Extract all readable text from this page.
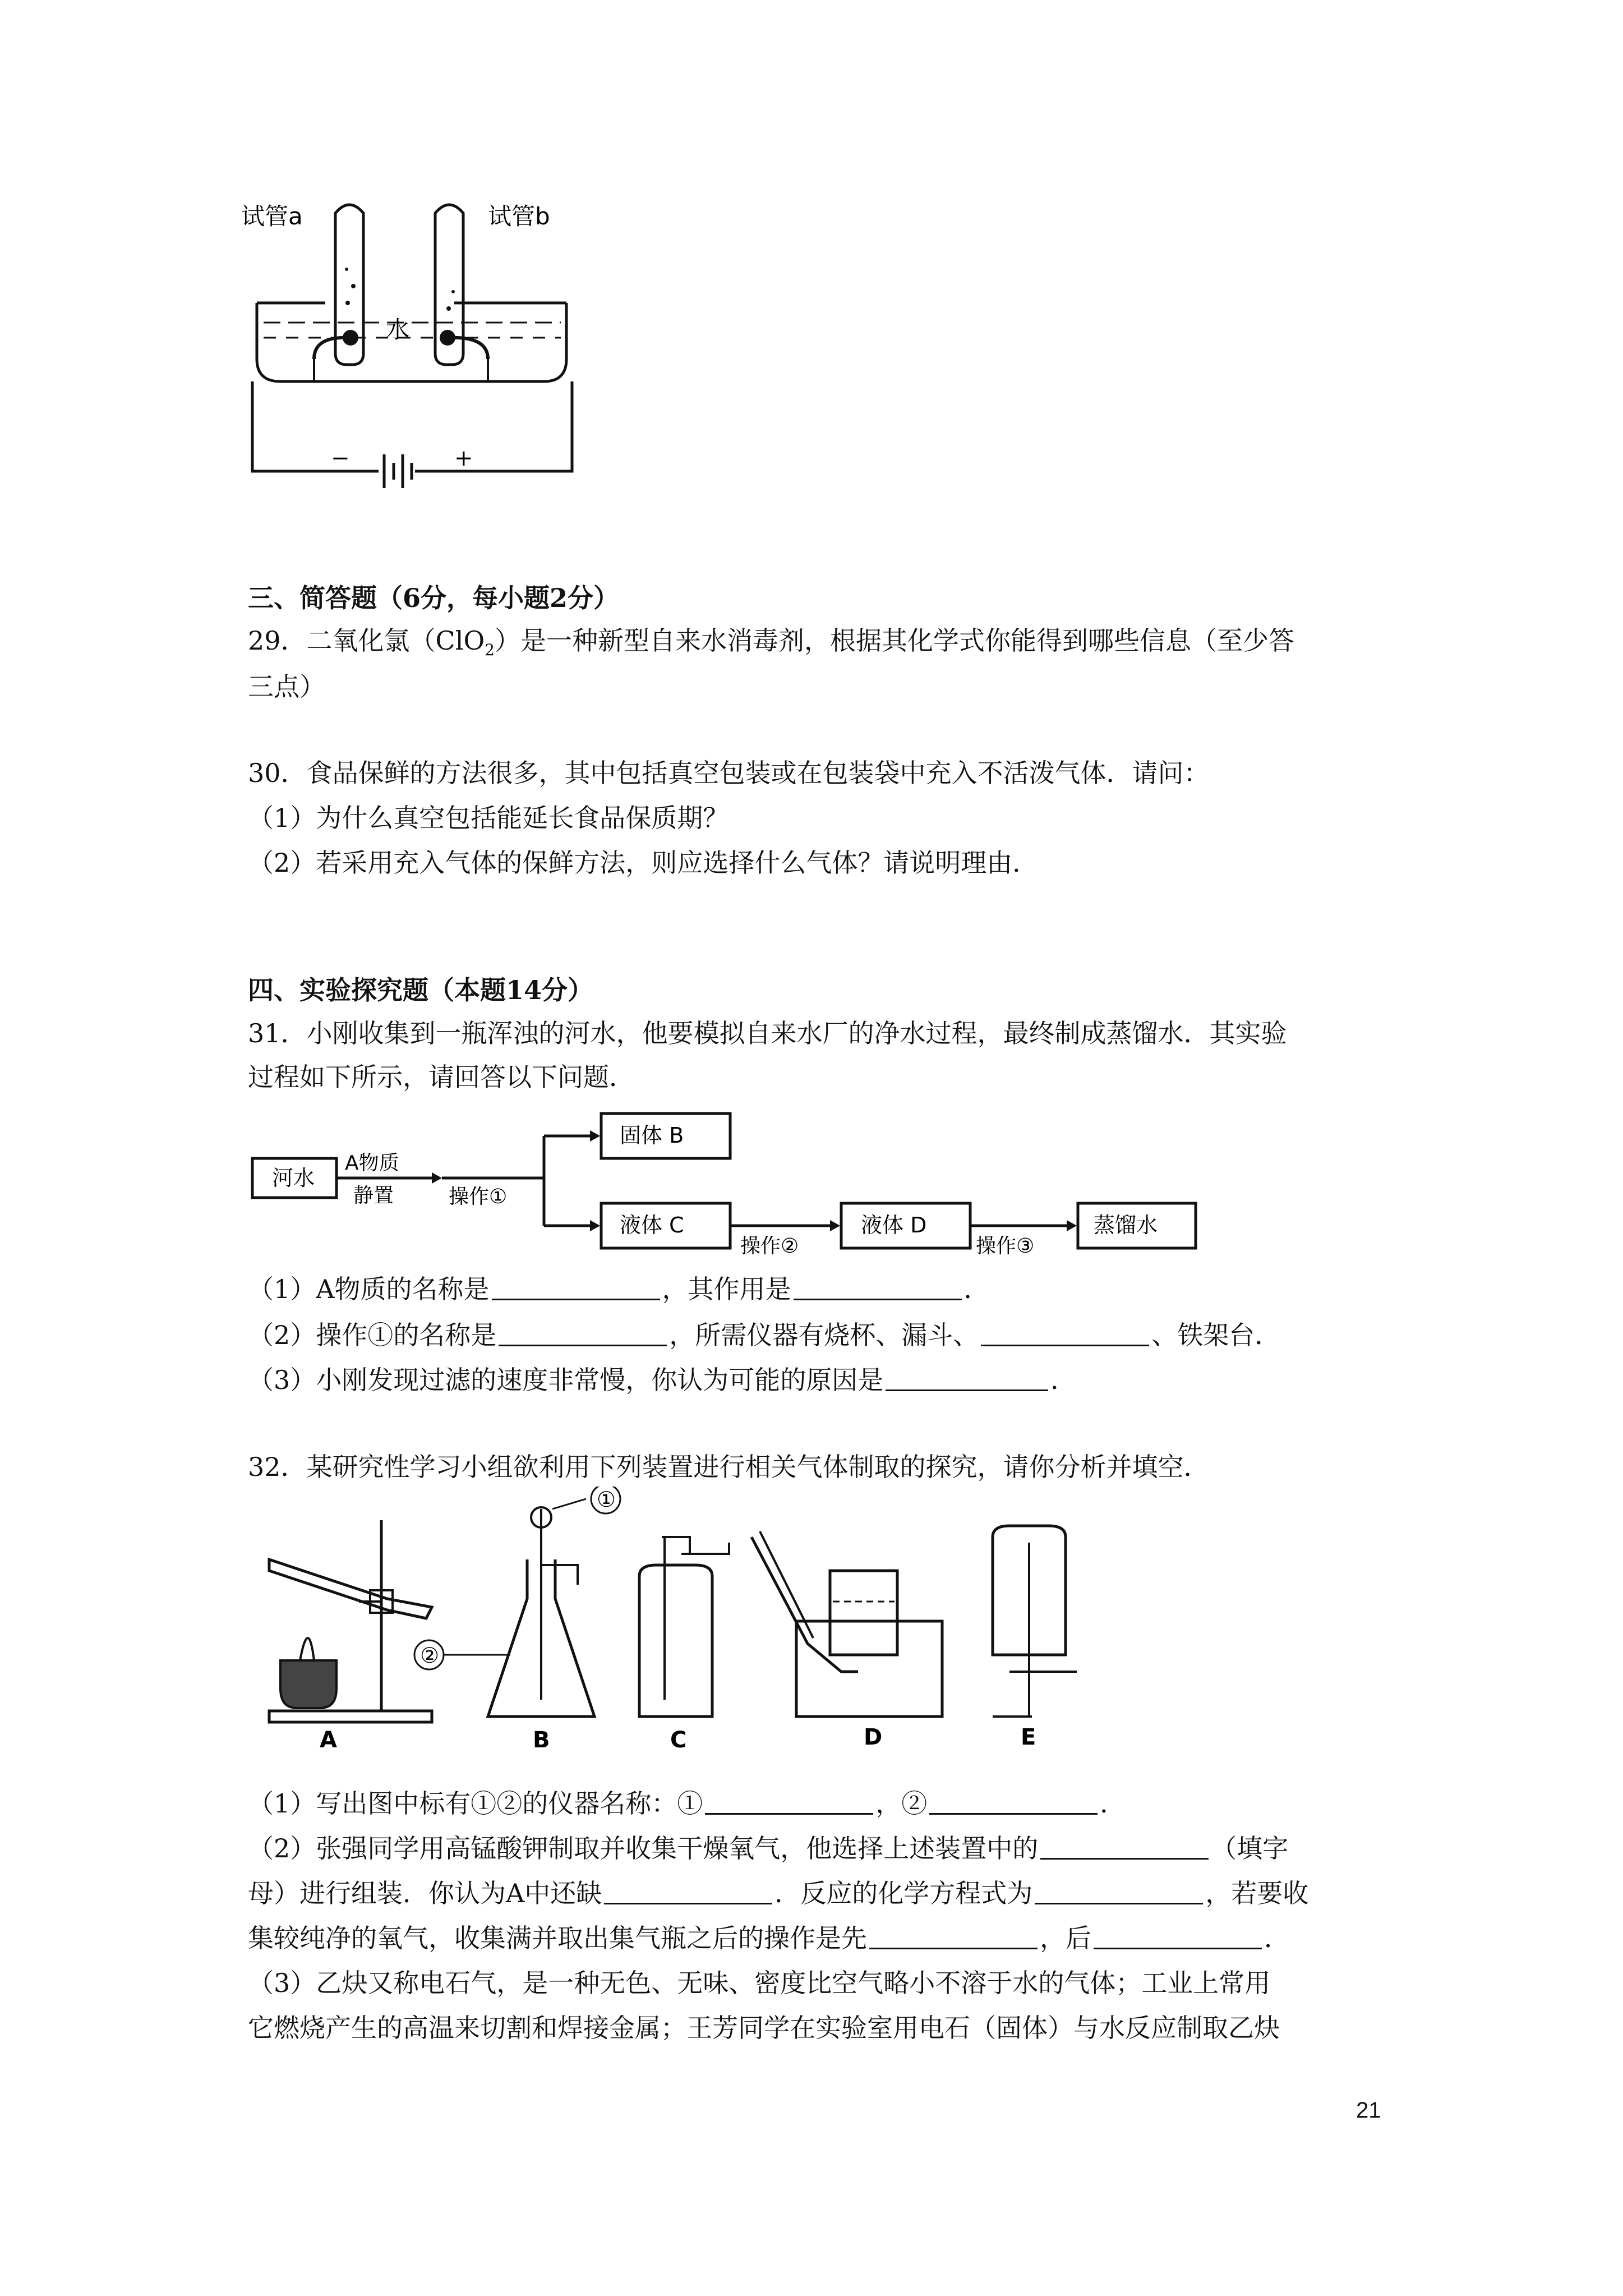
试管a	试管b
水
−	+
三、简答题（6分，每小题2分）
29．二氧化氯（ClO$_2$）是一种新型自来水消毒剂，根据其化学式你能得到哪些信息（至少答
三点）
30．食品保鲜的方法很多，其中包括真空包装或在包装袋中充入不活泼气体．请问：
（1）为什么真空包括能延长食品保质期？
（2）若采用充入气体的保鲜方法，则应选择什么气体？请说明理由．
四、实验探究题（本题14分）
31．小刚收集到一瓶浑浊的河水，他要模拟自来水厂的净水过程，最终制成蒸馏水．其实验
过程如下所示，请回答以下问题．
河水
A物质
静置	操作①
固体 B
液体 C
操作②
液体 D
操作③
蒸馏水
（1）A物质的名称是	，其作用是	．
（2）操作①的名称是	，所需仪器有烧杯、漏斗、	、铁架台．
（3）小刚发现过滤的速度非常慢，你认为可能的原因是	．
32．某研究性学习小组欲利用下列装置进行相关气体制取的探究，请你分析并填空．
①
②
A	B	C	D	E
（1）写出图中标有①②的仪器名称：①	，②	．
（2）张强同学用高锰酸钾制取并收集干燥氧气，他选择上述装置中的	（填字
母）进行组装．你认为A中还缺	．反应的化学方程式为	，若要收
集较纯净的氧气，收集满并取出集气瓶之后的操作是先	，后	．
（3）乙炔又称电石气，是一种无色、无味、密度比空气略小不溶于水的气体；工业上常用
它燃烧产生的高温来切割和焊接金属；王芳同学在实验室用电石（固体）与水反应制取乙炔
21
